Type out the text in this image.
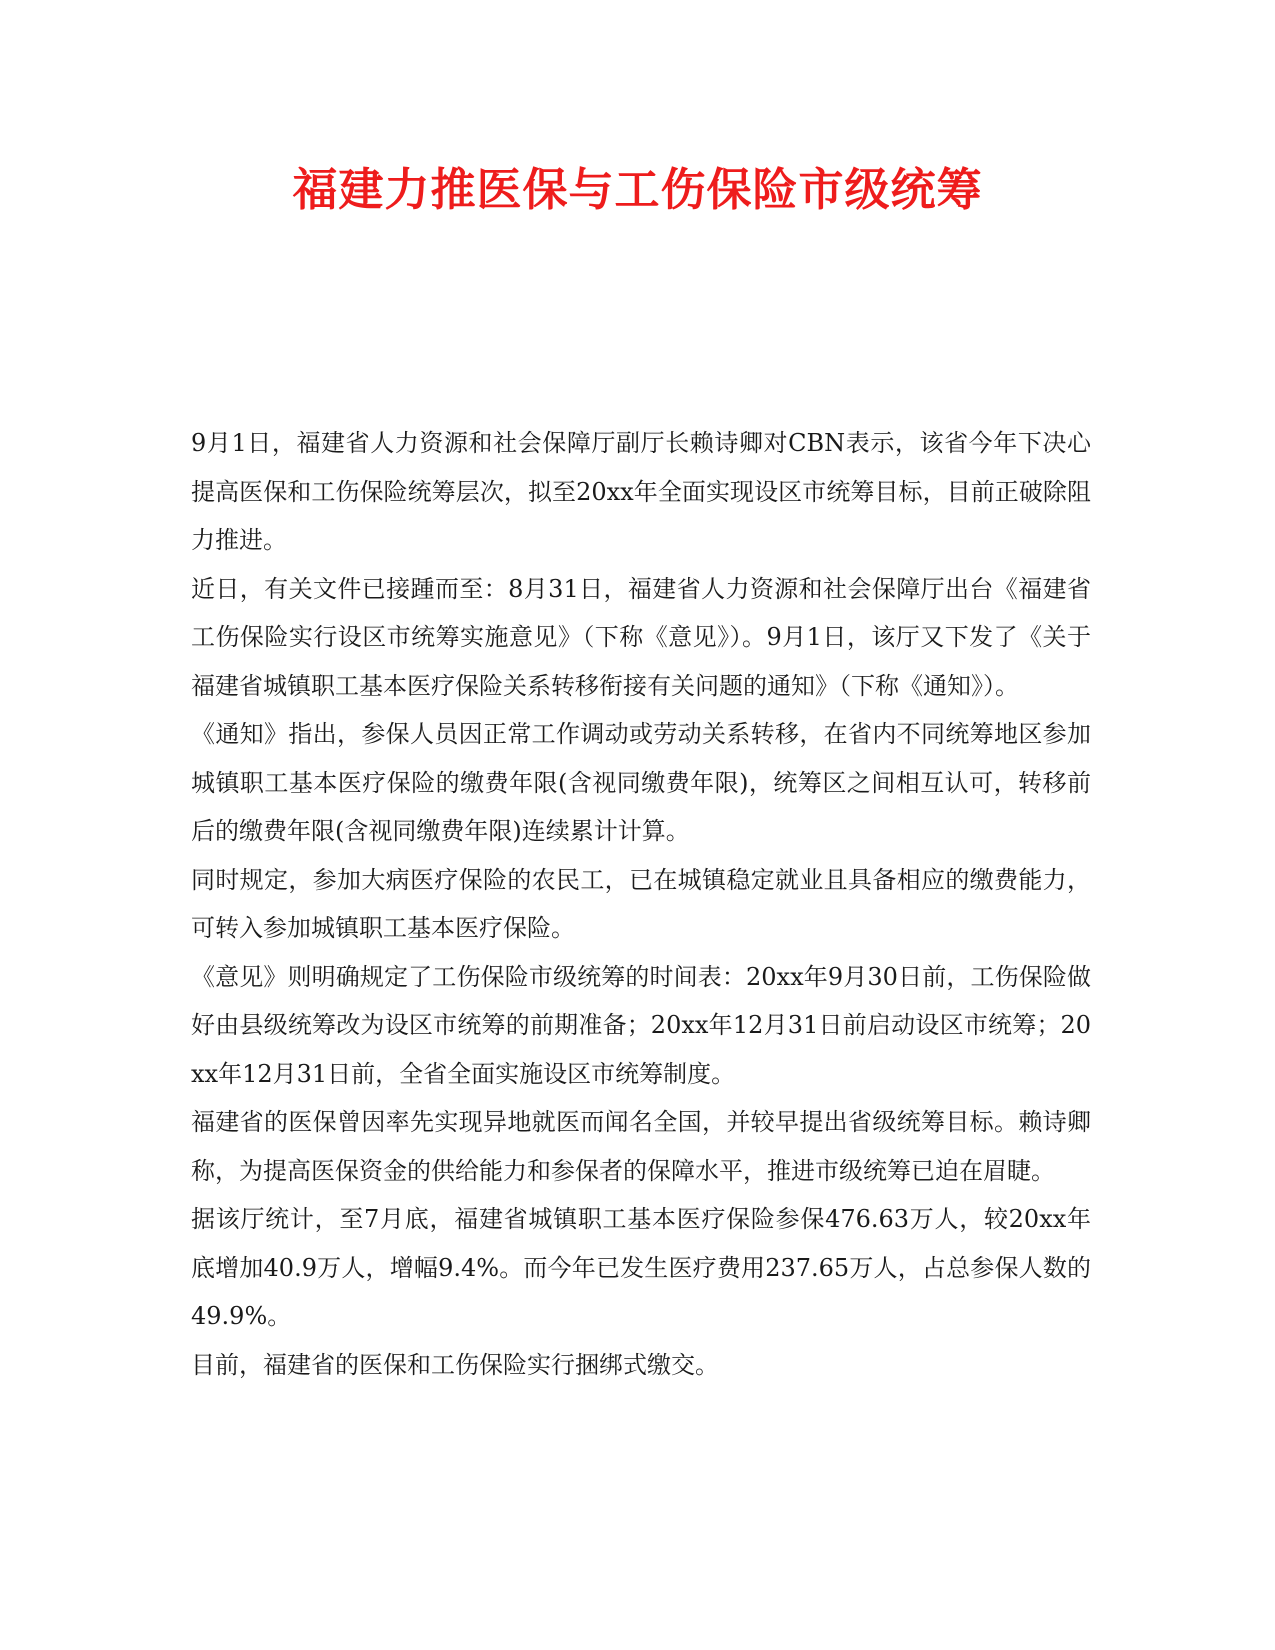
福建力推医保与工伤保险市级统筹

9月1日，福建省人力资源和社会保障厅副厅长赖诗卿对CBN表示，该省今年下决心提高医保和工伤保险统筹层次，拟至20xx年全面实现设区市统筹目标，目前正破除阻力推进。

近日，有关文件已接踵而至：8月31日，福建省人力资源和社会保障厅出台《福建省工伤保险实行设区市统筹实施意见》（下称《意见》）。9月1日，该厅又下发了《关于福建省城镇职工基本医疗保险关系转移衔接有关问题的通知》（下称《通知》）。

《通知》指出，参保人员因正常工作调动或劳动关系转移，在省内不同统筹地区参加城镇职工基本医疗保险的缴费年限(含视同缴费年限)，统筹区之间相互认可，转移前后的缴费年限(含视同缴费年限)连续累计计算。

同时规定，参加大病医疗保险的农民工，已在城镇稳定就业且具备相应的缴费能力，可转入参加城镇职工基本医疗保险。

《意见》则明确规定了工伤保险市级统筹的时间表：20xx年9月30日前，工伤保险做好由县级统筹改为设区市统筹的前期准备；20xx年12月31日前启动设区市统筹；20xx年12月31日前，全省全面实施设区市统筹制度。

福建省的医保曾因率先实现异地就医而闻名全国，并较早提出省级统筹目标。赖诗卿称，为提高医保资金的供给能力和参保者的保障水平，推进市级统筹已迫在眉睫。

据该厅统计，至7月底，福建省城镇职工基本医疗保险参保476.63万人，较20xx年底增加40.9万人，增幅9.4%。而今年已发生医疗费用237.65万人，占总参保人数的49.9%。

目前，福建省的医保和工伤保险实行捆绑式缴交。
